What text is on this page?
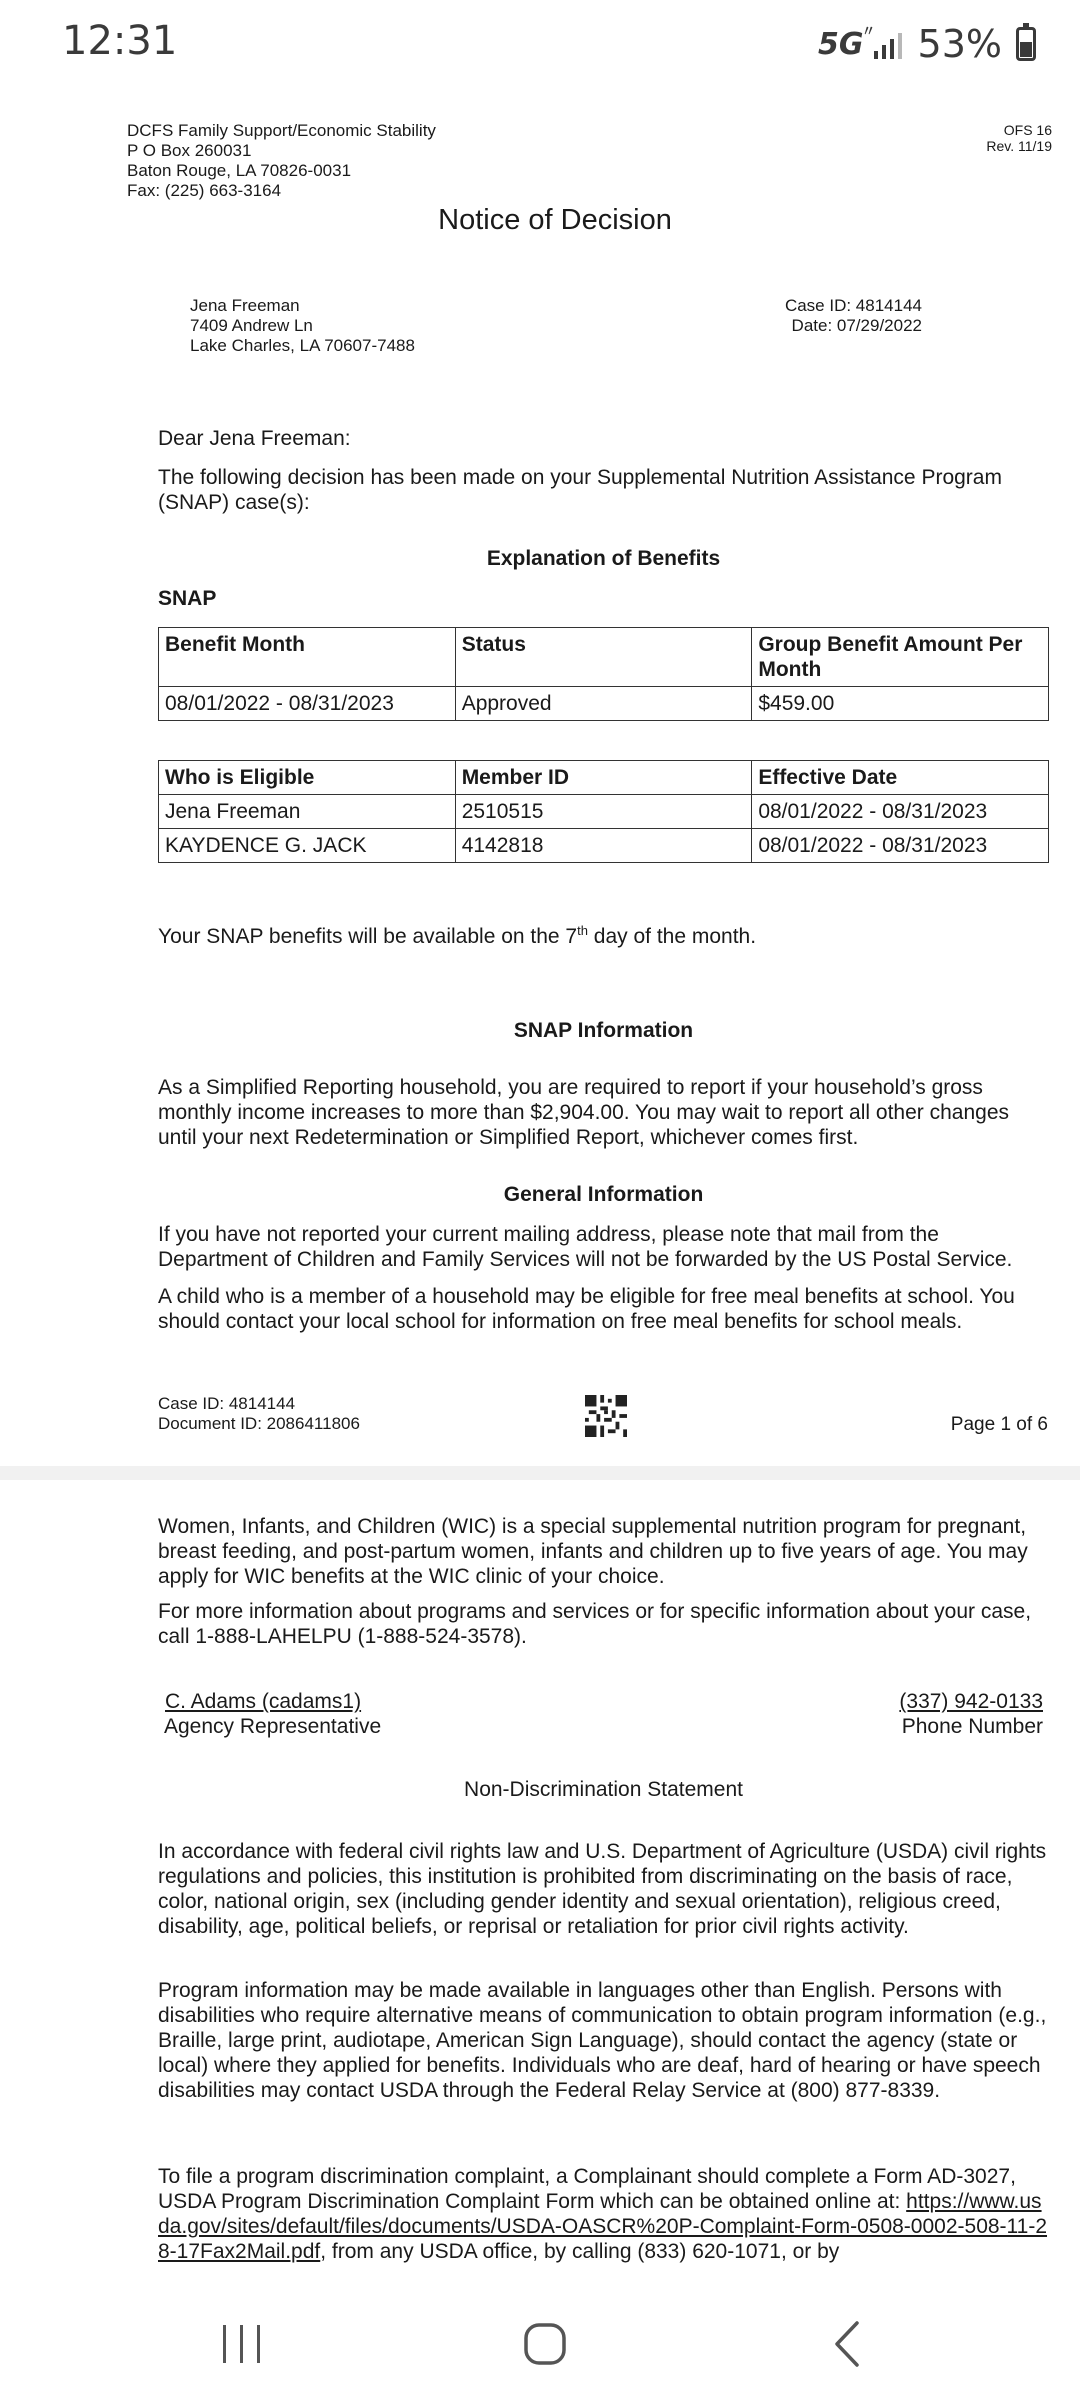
12:31	5G
〃 53%
DCFS Family Support/Economic Stability
P O Box 260031
Baton Rouge, LA 70826-0031
Fax: (225) 663-3164
OFS 16
Rev. 11/19
Notice of Decision
Jena Freeman
7409 Andrew Ln
Lake Charles, LA 70607-7488
Case ID: 4814144
Date: 07/29/2022
Dear Jena Freeman:
The following decision has been made on your Supplemental Nutrition Assistance Program (SNAP) case(s):
Explanation of Benefits
SNAP
Benefit Month	Status	Group Benefit Amount Per Month
08/01/2022 - 08/31/2023	Approved	$459.00
Who is Eligible	Member ID	Effective Date
Jena Freeman	2510515	08/01/2022 - 08/31/2023
KAYDENCE G. JACK	4142818	08/01/2022 - 08/31/2023
Your SNAP benefits will be available on the 7th day of the month.
SNAP Information
As a Simplified Reporting household, you are required to report if your household’s gross monthly income increases to more than $2,904.00. You may wait to report all other changes until your next Redetermination or Simplified Report, whichever comes first.
General Information
If you have not reported your current mailing address, please note that mail from the Department of Children and Family Services will not be forwarded by the US Postal Service.
A child who is a member of a household may be eligible for free meal benefits at school. You should contact your local school for information on free meal benefits for school meals.
Case ID: 4814144
Document ID: 2086411806	Page 1 of 6
Women, Infants, and Children (WIC) is a special supplemental nutrition program for pregnant, breast feeding, and post-partum women, infants and children up to five years of age. You may apply for WIC benefits at the WIC clinic of your choice.
For more information about programs and services or for specific information about your case, call 1-888-LAHELPU (1-888-524-3578).
C. Adams (cadams1)
Agency Representative
(337) 942-0133
Phone Number
Non-Discrimination Statement
In accordance with federal civil rights law and U.S. Department of Agriculture (USDA) civil rights regulations and policies, this institution is prohibited from discriminating on the basis of race, color, national origin, sex (including gender identity and sexual orientation), religious creed, disability, age, political beliefs, or reprisal or retaliation for prior civil rights activity.
Program information may be made available in languages other than English. Persons with disabilities who require alternative means of communication to obtain program information (e.g., Braille, large print, audiotape, American Sign Language), should contact the agency (state or local) where they applied for benefits. Individuals who are deaf, hard of hearing or have speech disabilities may contact USDA through the Federal Relay Service at (800) 877-8339.
To file a program discrimination complaint, a Complainant should complete a Form AD-3027, USDA Program Discrimination Complaint Form which can be obtained online at: https://www.usda.gov/sites/default/files/documents/USDA-OASCR%20P-Complaint-Form-0508-0002-508-11-28-17Fax2Mail.pdf, from any USDA office, by calling (833) 620-1071, or by
